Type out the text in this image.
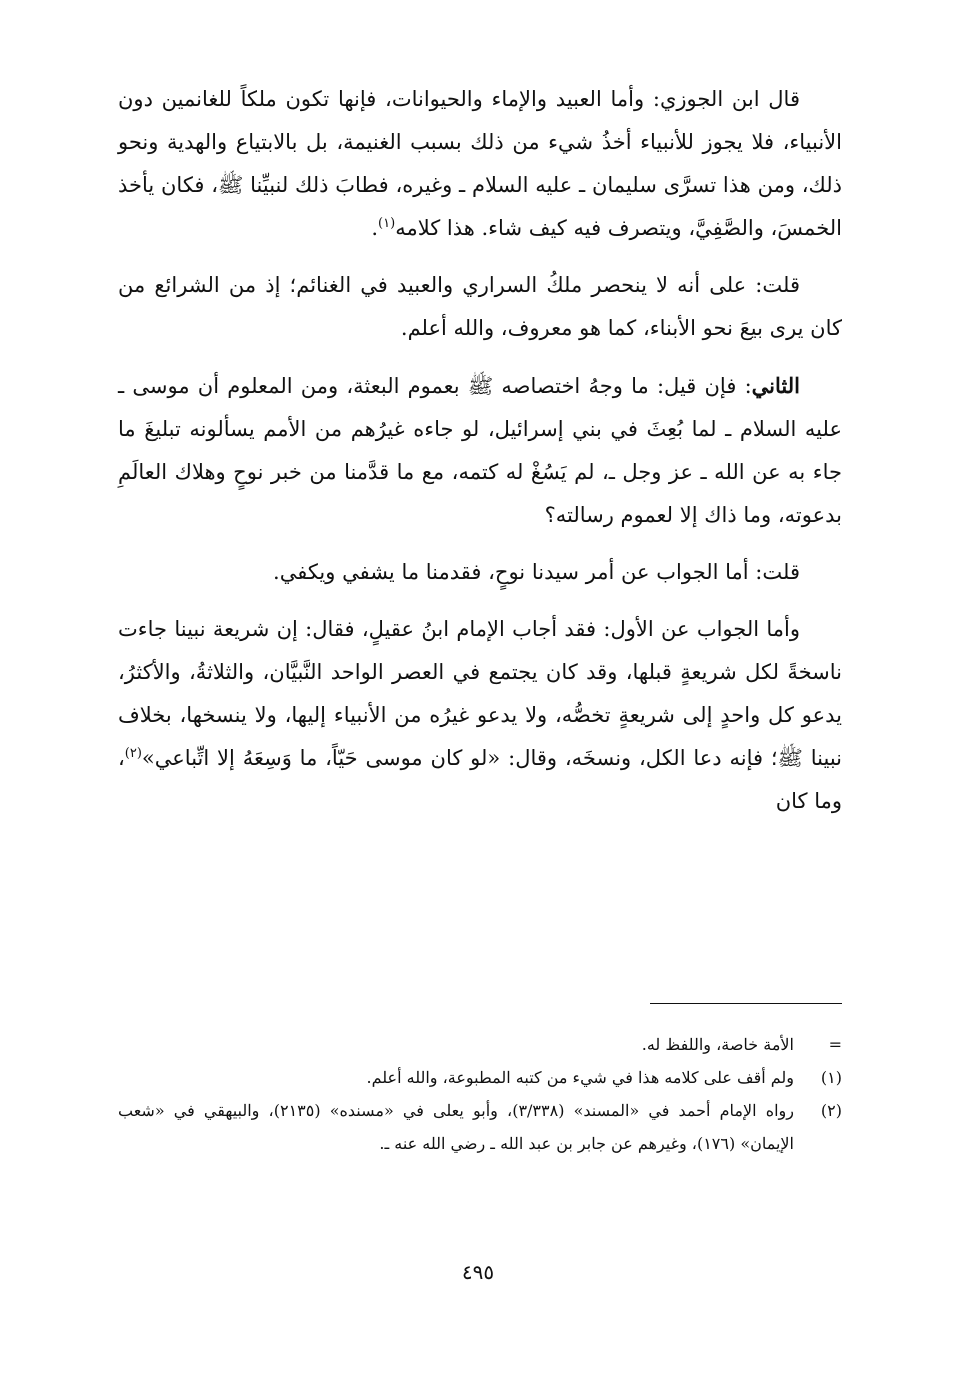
قال ابن الجوزي: وأما العبيد والإماء والحيوانات، فإنها تكون ملكاً للغانمين دون الأنبياء، فلا يجوز للأنبياء أخذُ شيء من ذلك بسبب الغنيمة، بل بالابتياع والهدية ونحو ذلك، ومن هذا تسرَّى سليمان ـ عليه السلام ـ وغيره، فطابَ ذلك لنبيِّنا ﷺ، فكان يأخذ الخمسَ، والصَّفِيَّ، ويتصرف فيه كيف شاء. هذا كلامه$^{(١)}$.

قلت: على أنه لا ينحصر ملكُ السراري والعبيد في الغنائم؛ إذ من الشرائع من كان يرى بيعَ نحو الأبناء، كما هو معروف، والله أعلم.

الثاني: فإن قيل: ما وجهُ اختصاصه ﷺ بعموم البعثة، ومن المعلوم أن موسى ـ عليه السلام ـ لما بُعِثَ في بني إسرائيل، لو جاءه غيرُهم من الأمم يسألونه تبليغَ ما جاء به عن الله ـ عز وجل ـ، لم يَسُغْ له كتمه، مع ما قدَّمنا من خبر نوحٍ وهلاك العالَمِ بدعوته، وما ذاك إلا لعموم رسالته؟

قلت: أما الجواب عن أمر سيدنا نوحٍ، فقدمنا ما يشفي ويكفي.

وأما الجواب عن الأول: فقد أجاب الإمام ابنُ عقيلٍ، فقال: إن شريعة نبينا جاءت ناسخةً لكل شريعةٍ قبلها، وقد كان يجتمع في العصر الواحد النَّبيَّان، والثلاثةُ، والأكثرُ، يدعو كل واحدٍ إلى شريعةٍ تخصُّه، ولا يدعو غيرُه من الأنبياء إليها، ولا ينسخها، بخلاف نبينا ﷺ؛ فإنه دعا الكل، ونسخَه، وقال: «لو كان موسى حَيّاً، ما وَسِعَهُ إلا اتِّباعي»$^{(٢)}$، وما كان

=
الأمة خاصة، واللفظ له.
(١)
ولم أقف على كلامه هذا في شيء من كتبه المطبوعة، والله أعلم.
(٢)
رواه الإمام أحمد في «المسند» (٣/٣٣٨)، وأبو يعلى في «مسنده» (٢١٣٥)، والبيهقي في «شعب الإيمان» (١٧٦)، وغيرهم عن جابر بن عبد الله ـ رضي الله عنه ـ.
٤٩٥
